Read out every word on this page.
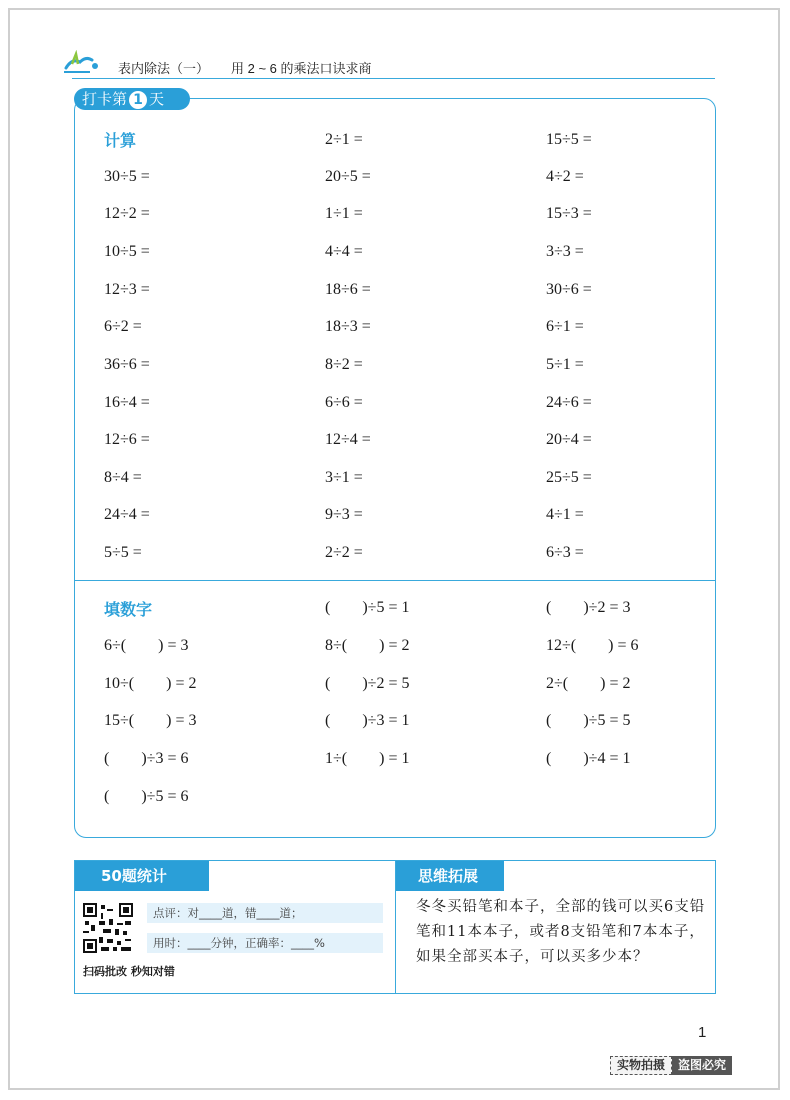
表内除法（一） 用 2 ~ 6 的乘法口诀求商
打卡第 1 天
计算
30÷5 =
12÷2 =
10÷5 =
12÷3 =
6÷2 =
36÷6 =
16÷4 =
12÷6 =
8÷4 =
24÷4 =
5÷5 =
2÷1 =
20÷5 =
1÷1 =
4÷4 =
18÷6 =
18÷3 =
8÷2 =
6÷6 =
12÷4 =
3÷1 =
9÷3 =
2÷2 =
15÷5 =
4÷2 =
15÷3 =
3÷3 =
30÷6 =
6÷1 =
5÷1 =
24÷6 =
20÷4 =
25÷5 =
4÷1 =
6÷3 =
填数字
6÷(        ) = 3
10÷(        ) = 2
15÷(        ) = 3
(        )÷3 = 6
(        )÷5 = 6
(        )÷5 = 1
8÷(        ) = 2
(        )÷2 = 5
(        )÷3 = 1
1÷(        ) = 1
(        )÷2 = 3
12÷(        ) = 6
2÷(        ) = 2
(        )÷5 = 5
(        )÷4 = 1
50题统计
扫码批改 秒知对错
点评：对____道，错____道；
用时：____分钟，正确率：____%
思维拓展
冬冬买铅笔和本子，全部的钱可以买6支铅笔和11本本子，或者8支铅笔和7本本子，如果全部买本子，可以买多少本？
1
实物拍摄	盗图必究
